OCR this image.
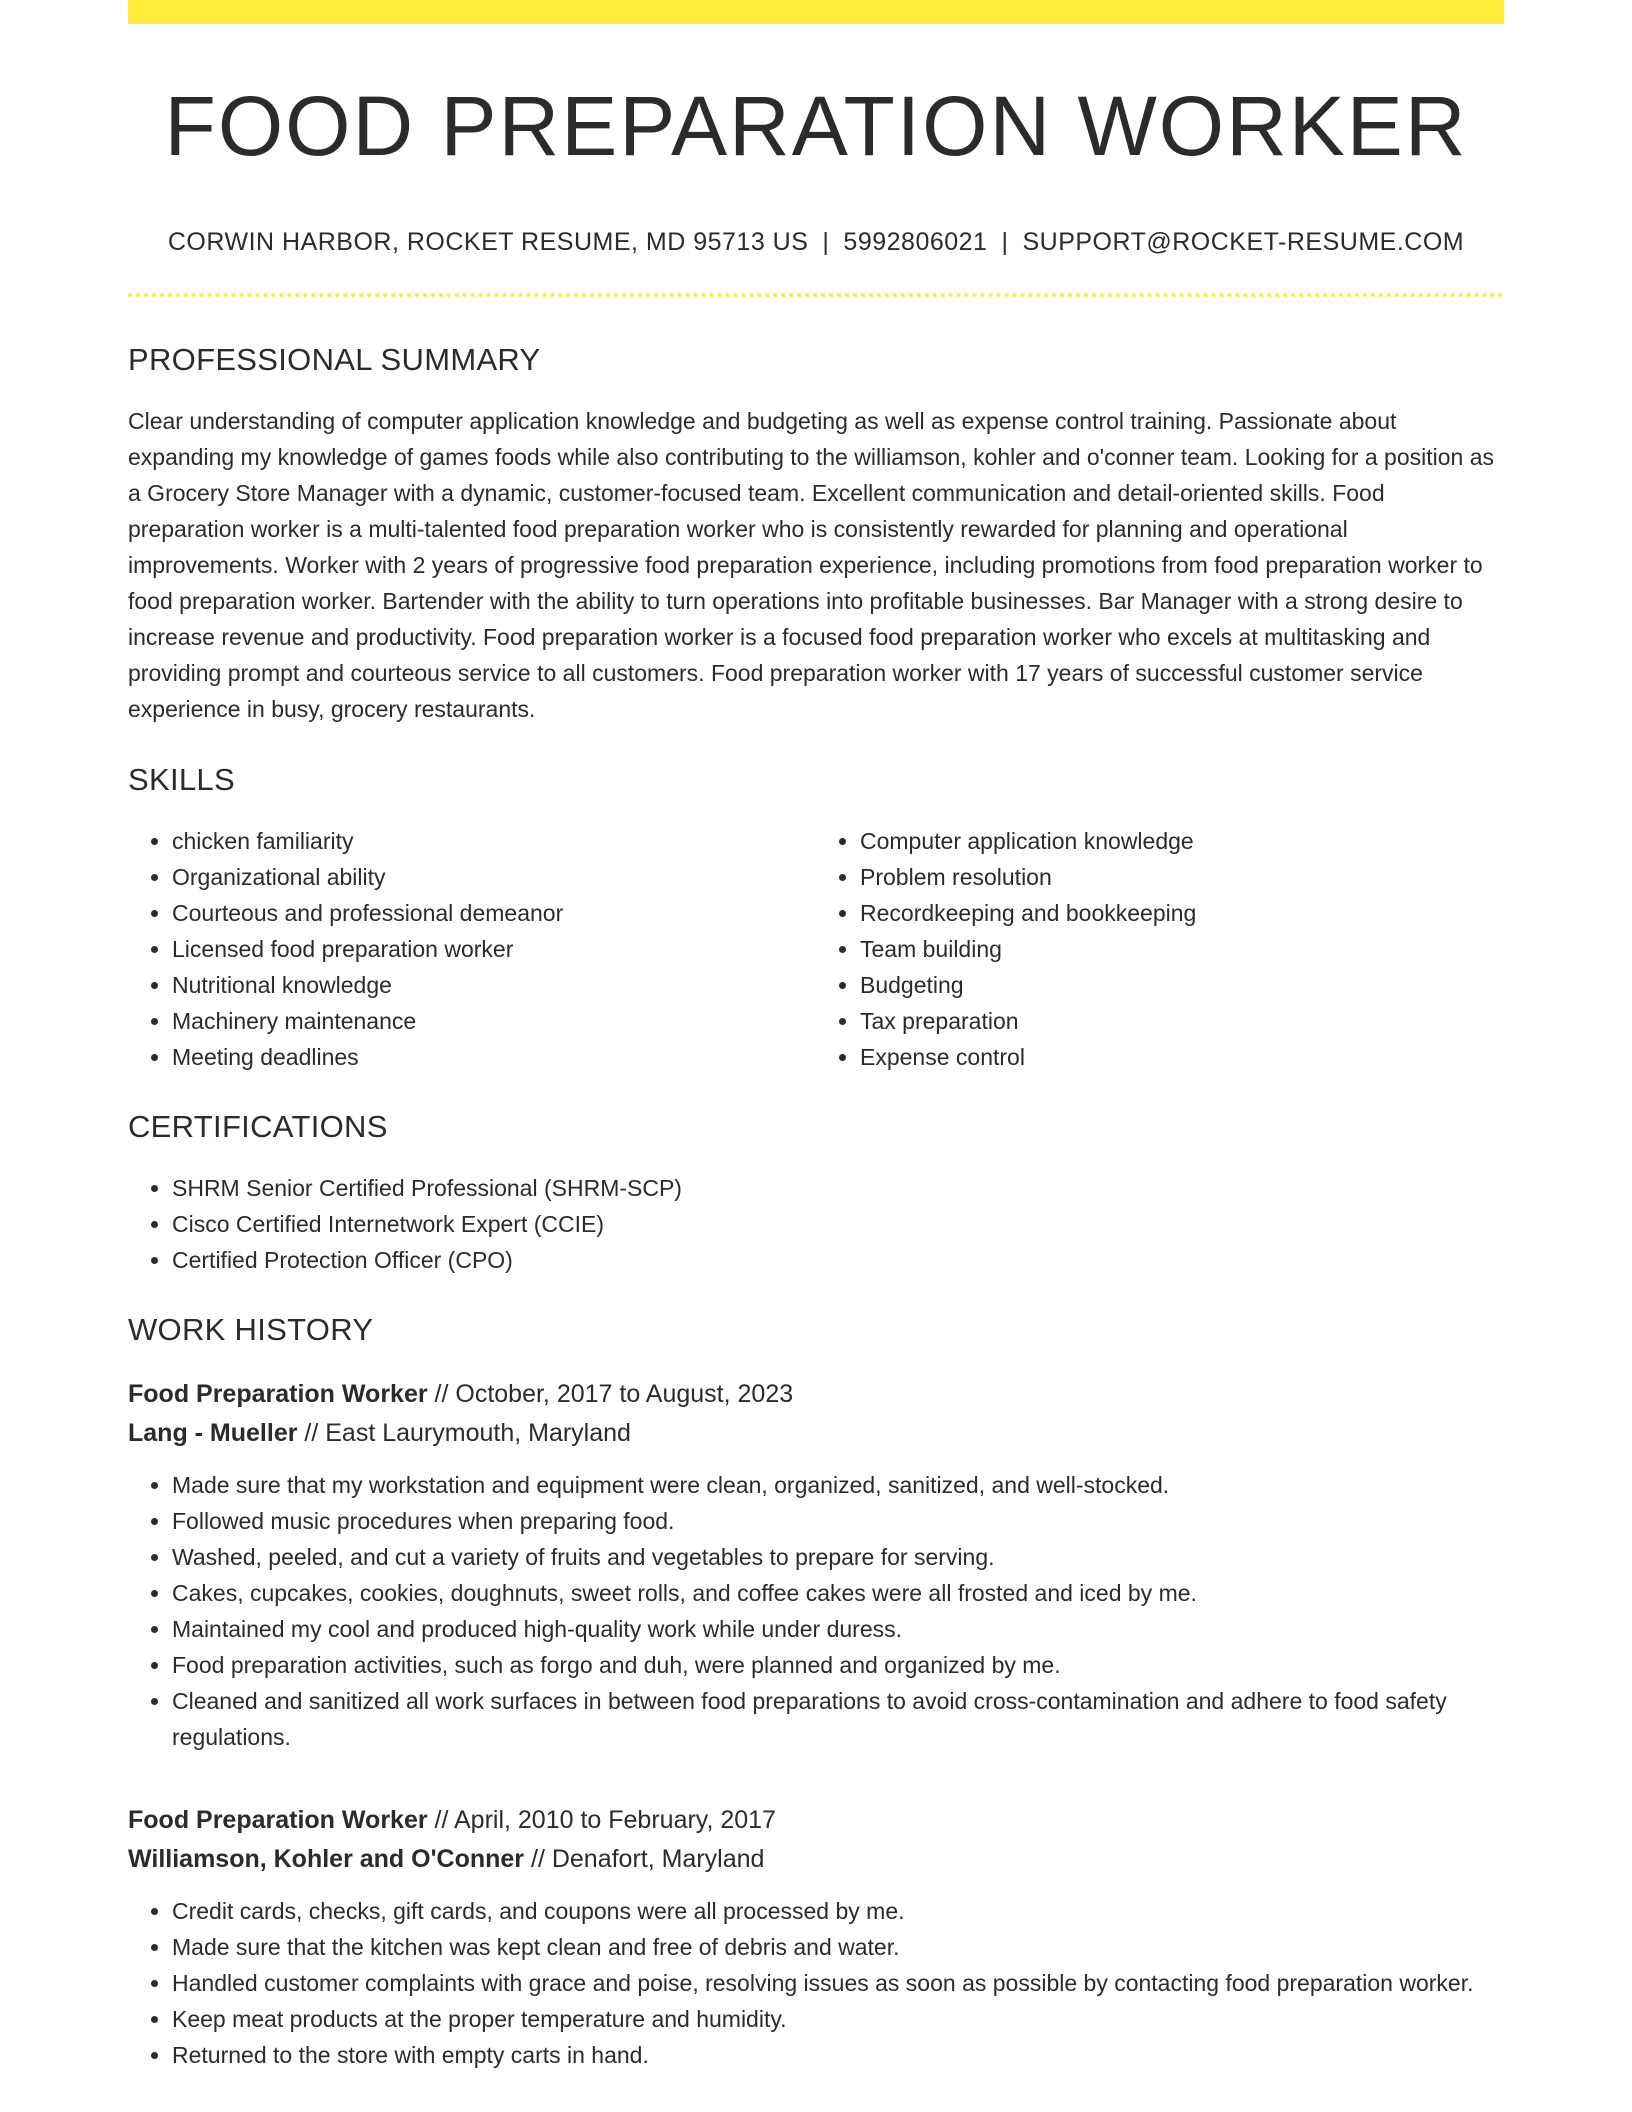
FOOD PREPARATION WORKER
CORWIN HARBOR, ROCKET RESUME, MD 95713 US | 5992806021 | SUPPORT@ROCKET-RESUME.COM
PROFESSIONAL SUMMARY
Clear understanding of computer application knowledge and budgeting as well as expense control training. Passionate about expanding my knowledge of games foods while also contributing to the williamson, kohler and o'conner team. Looking for a position as a Grocery Store Manager with a dynamic, customer-focused team. Excellent communication and detail-oriented skills. Food preparation worker is a multi-talented food preparation worker who is consistently rewarded for planning and operational improvements. Worker with 2 years of progressive food preparation experience, including promotions from food preparation worker to food preparation worker. Bartender with the ability to turn operations into profitable businesses. Bar Manager with a strong desire to increase revenue and productivity. Food preparation worker is a focused food preparation worker who excels at multitasking and providing prompt and courteous service to all customers. Food preparation worker with 17 years of successful customer service experience in busy, grocery restaurants.
SKILLS
• chicken familiarity
• Organizational ability
• Courteous and professional demeanor
• Licensed food preparation worker
• Nutritional knowledge
• Machinery maintenance
• Meeting deadlines
• Computer application knowledge
• Problem resolution
• Recordkeeping and bookkeeping
• Team building
• Budgeting
• Tax preparation
• Expense control
CERTIFICATIONS
• SHRM Senior Certified Professional (SHRM-SCP)
• Cisco Certified Internetwork Expert (CCIE)
• Certified Protection Officer (CPO)
WORK HISTORY
Food Preparation Worker // October, 2017 to August, 2023
Lang - Mueller // East Laurymouth, Maryland
• Made sure that my workstation and equipment were clean, organized, sanitized, and well-stocked.
• Followed music procedures when preparing food.
• Washed, peeled, and cut a variety of fruits and vegetables to prepare for serving.
• Cakes, cupcakes, cookies, doughnuts, sweet rolls, and coffee cakes were all frosted and iced by me.
• Maintained my cool and produced high-quality work while under duress.
• Food preparation activities, such as forgo and duh, were planned and organized by me.
• Cleaned and sanitized all work surfaces in between food preparations to avoid cross-contamination and adhere to food safety regulations.
Food Preparation Worker // April, 2010 to February, 2017
Williamson, Kohler and O'Conner // Denafort, Maryland
• Credit cards, checks, gift cards, and coupons were all processed by me.
• Made sure that the kitchen was kept clean and free of debris and water.
• Handled customer complaints with grace and poise, resolving issues as soon as possible by contacting food preparation worker.
• Keep meat products at the proper temperature and humidity.
• Returned to the store with empty carts in hand.
